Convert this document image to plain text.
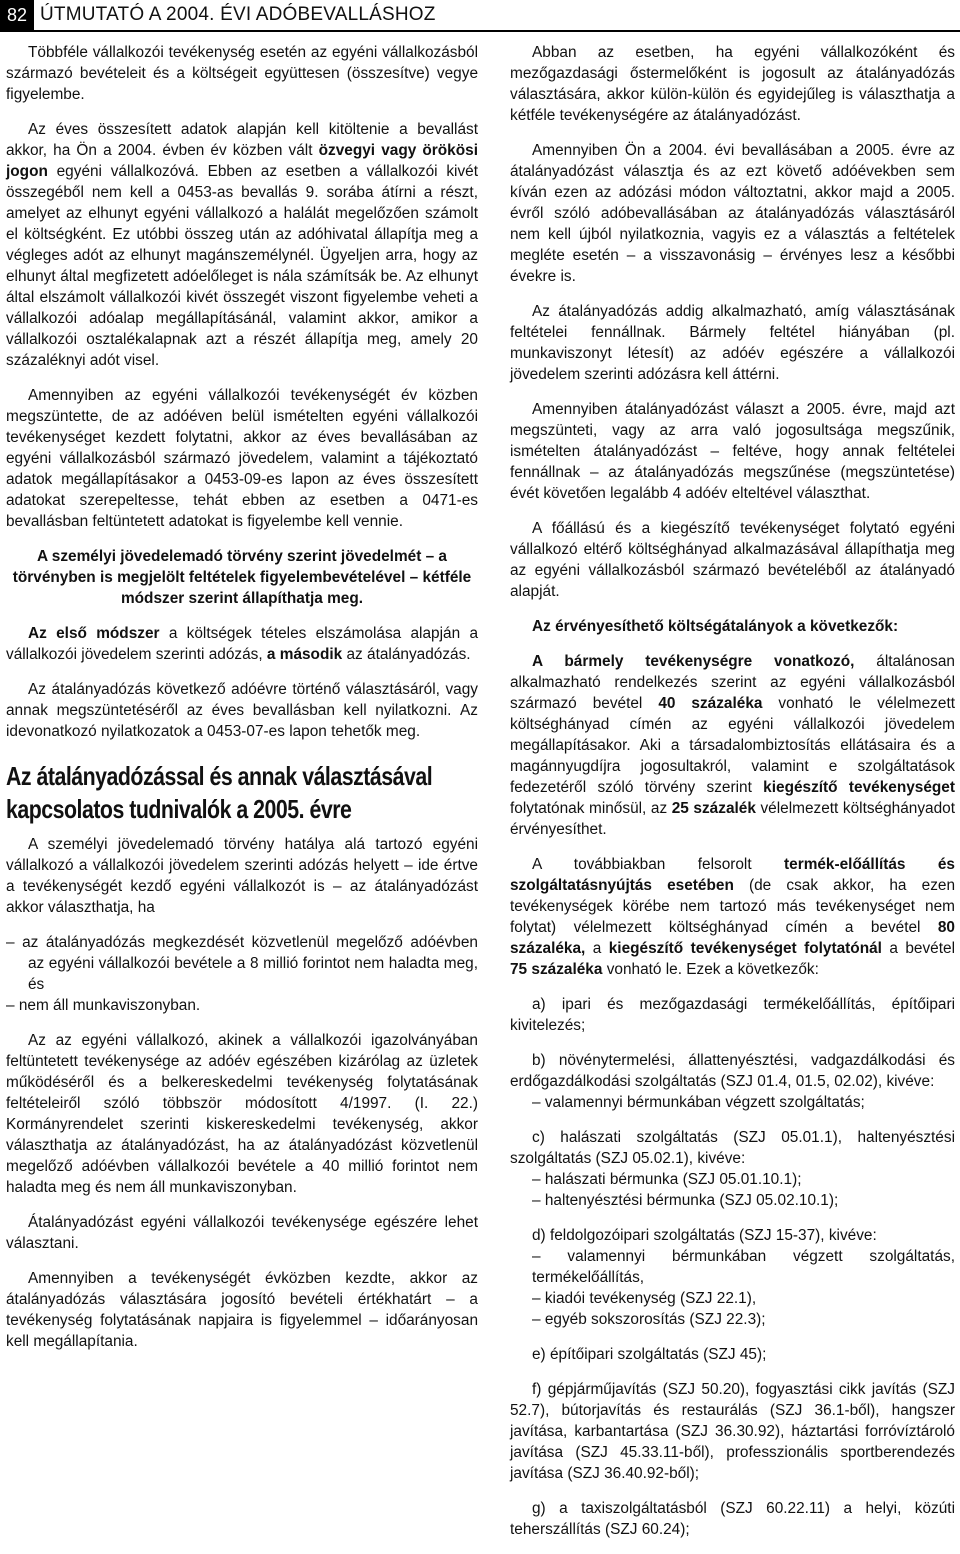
82 ÚTMUTATÓ A 2004. ÉVI ADÓBEVALLÁSHOZ

Többféle vállalkozói tevékenység esetén az egyéni vállalkozásból származó bevételeit és a költségeit együttesen (összesítve) vegye figyelembe.

Az éves összesített adatok alapján kell kitöltenie a bevallást akkor, ha Ön a 2004. évben év közben vált özvegyi vagy örökösi jogon egyéni vállalkozóvá. Ebben az esetben a vállalkozói kivét összegéből nem kell a 0453-as bevallás 9. sorába átírni a részt, amelyet az elhunyt egyéni vállalkozó a halálát megelőzően számolt el költségként. Ez utóbbi összeg után az adóhivatal állapítja meg a végleges adót az elhunyt magánszemélynél. Ügyeljen arra, hogy az elhunyt által megfizetett adóelőleget is nála számítsák be. Az elhunyt által elszámolt vállalkozói kivét összegét viszont figyelembe veheti a vállalkozói adóalap megállapításánál, valamint akkor, amikor a vállalkozói osztalékalapnak azt a részét állapítja meg, amely 20 százaléknyi adót visel.

Amennyiben az egyéni vállalkozói tevékenységét év közben megszüntette, de az adóéven belül ismételten egyéni vállalkozói tevékenységet kezdett folytatni, akkor az éves bevallásában az egyéni vállalkozásból származó jövedelem, valamint a tájékoztató adatok megállapításakor a 0453-09-es lapon az éves összesített adatokat szerepeltesse, tehát ebben az esetben a 0471-es bevallásban feltüntetett adatokat is figyelembe kell vennie.

A személyi jövedelemadó törvény szerint jövedelmét – a törvényben is megjelölt feltételek figyelembevételével – kétféle módszer szerint állapíthatja meg.

Az első módszer a költségek tételes elszámolása alapján a vállalkozói jövedelem szerinti adózás, a második az átalányadózás.

Az átalányadózás következő adóévre történő választásáról, vagy annak megszüntetéséről az éves bevallásban kell nyilatkoznі. Az idevonatkozó nyilatkozatok a 0453-07-es lapon tehetők meg.

Az átalányadózással és annak választásával kapcsolatos tudnivalók a 2005. évre

A személyi jövedelemadó törvény hatálya alá tartozó egyéni vállalkozó a vállalkozói jövedelem szerinti adózás helyett – ide értve a tevékenységét kezdő egyéni vállalkozót is – az átalányadózást akkor választhatja, ha

– az átalányadózás megkezdését közvetlenül megelőző adóévben az egyéni vállalkozói bevétele a 8 millió forintot nem haladta meg, és

– nem áll munkaviszonyban.

Az az egyéni vállalkozó, akinek a vállalkozói igazolványában feltüntetett tevékenysége az adóév egészében kizárólag az üzletek működéséről és a belkereskedelmi tevékenység folytatásának feltételeiről szóló többször módosított 4/1997. (I. 22.) Kormányrendelet szerinti kiskereskedelmi tevékenység, akkor választhatja az átalányadózást, ha az átalányadózást közvetlenül megelőző adóévben vállalkozói bevétele a 40 millió forintot nem haladta meg és nem áll munkaviszonyban.

Átalányadózást egyéni vállalkozói tevékenysége egészére lehet választani.

Amennyiben a tevékenységét évközben kezdte, akkor az átalányadózás választására jogosító bevételi értékhatárt – a tevékenység folytatásának napjaira is figyelemmel – időarányosan kell megállapítania.

Abban az esetben, ha egyéni vállalkozóként és mezőgazdasági őstermelőként is jogosult az átalányadózás választására, akkor külön-külön és egyidejűleg is választhatja a kétféle tevékenységére az átalányadózást.

Amennyiben Ön a 2004. évi bevallásában a 2005. évre az átalányadózást választja és az ezt követő adóévekben sem kíván ezen az adózási módon változtatni, akkor majd a 2005. évről szóló adóbevallásában az átalányadózás választásáról nem kell újból nyilatkoznia, vagyis ez a választás a feltételek megléte esetén – a visszavonásig – érvényes lesz a későbbi évekre is.

Az átalányadózás addig alkalmazható, amíg választásának feltételei fennállnak. Bármely feltétel hiányában (pl. munkaviszonyt létesít) az adóév egészére a vállalkozói jövedelem szerinti adózásra kell áttérni.

Amennyiben átalányadózást választ a 2005. évre, majd azt megszünteti, vagy az arra való jogosultsága megszűnik, ismételten átalányadózást – feltéve, hogy annak feltételei fennállnak – az átalányadózás megszűnése (megszüntetése) évét követően legalább 4 adóév elteltével választhat.

A főállású és a kiegészítő tevékenységet folytató egyéni vállalkozó eltérő költséghányad alkalmazásával állapíthatja meg az egyéni vállalkozásból származó bevételéből az átalányadó alapját.

Az érvényesíthető költségátalányok a következők:

A bármely tevékenységre vonatkozó, általánosan alkalmazható rendelkezés szerint az egyéni vállalkozásból származó bevétel 40 százaléka vonható le vélelmezett költséghányad címén az egyéni vállalkozói jövedelem megállapításakor. Aki a társadalombiztosítás ellátásaira és a magánnyugdíjra jogosultakról, valamint e szolgáltatások fedezetéről szóló törvény szerint kiegészítő tevékenységet folytatónak minősül, az 25 százalék vélelmezett költséghányadot érvényesíthet.

A továbbiakban felsorolt termék-előállítás és szolgáltatásnyújtás esetében (de csak akkor, ha ezen tevékenységek körébe nem tartozó más tevékenységet nem folytat) vélelmezett költséghányad címén a bevétel 80 százaléka, a kiegészítő tevékenységet folytatónál a bevétel 75 százaléka vonható le. Ezek a következők:

a) ipari és mezőgazdasági termékelőállítás, építőipari kivitelezés;

b) növénytermelési, állattenyésztési, vadgazdálkodási és erdőgazdálkodási szolgáltatás (SZJ 01.4, 01.5, 02.02), kivéve:

– valamennyi bérmunkában végzett szolgáltatás;

c) halászati szolgáltatás (SZJ 05.01.1), haltenyésztési szolgáltatás (SZJ 05.02.1), kivéve:

– halászati bérmunka (SZJ 05.01.10.1);

– haltenyésztési bérmunka (SZJ 05.02.10.1);

d) feldolgozóipari szolgáltatás (SZJ 15-37), kivéve:

– valamennyi bérmunkában végzett szolgáltatás, termékelőállítás,

– kiadói tevékenység (SZJ 22.1),

– egyéb sokszorosítás (SZJ 22.3);

e) építőipari szolgáltatás (SZJ 45);

f) gépjárműjavítás (SZJ 50.20), fogyasztási cikk javítás (SZJ 52.7), bútorjavítás és restaurálás (SZJ 36.1-ből), hangszer javítása, karbantartása (SZJ 36.30.92), háztartási forróvíztároló javítása (SZJ 45.33.11-ből), professzionális sportberendezés javítása (SZJ 36.40.92-ből);

g) a taxiszolgáltatásból (SZJ 60.22.11) a helyi, közúti teherszállítás (SZJ 60.24);
